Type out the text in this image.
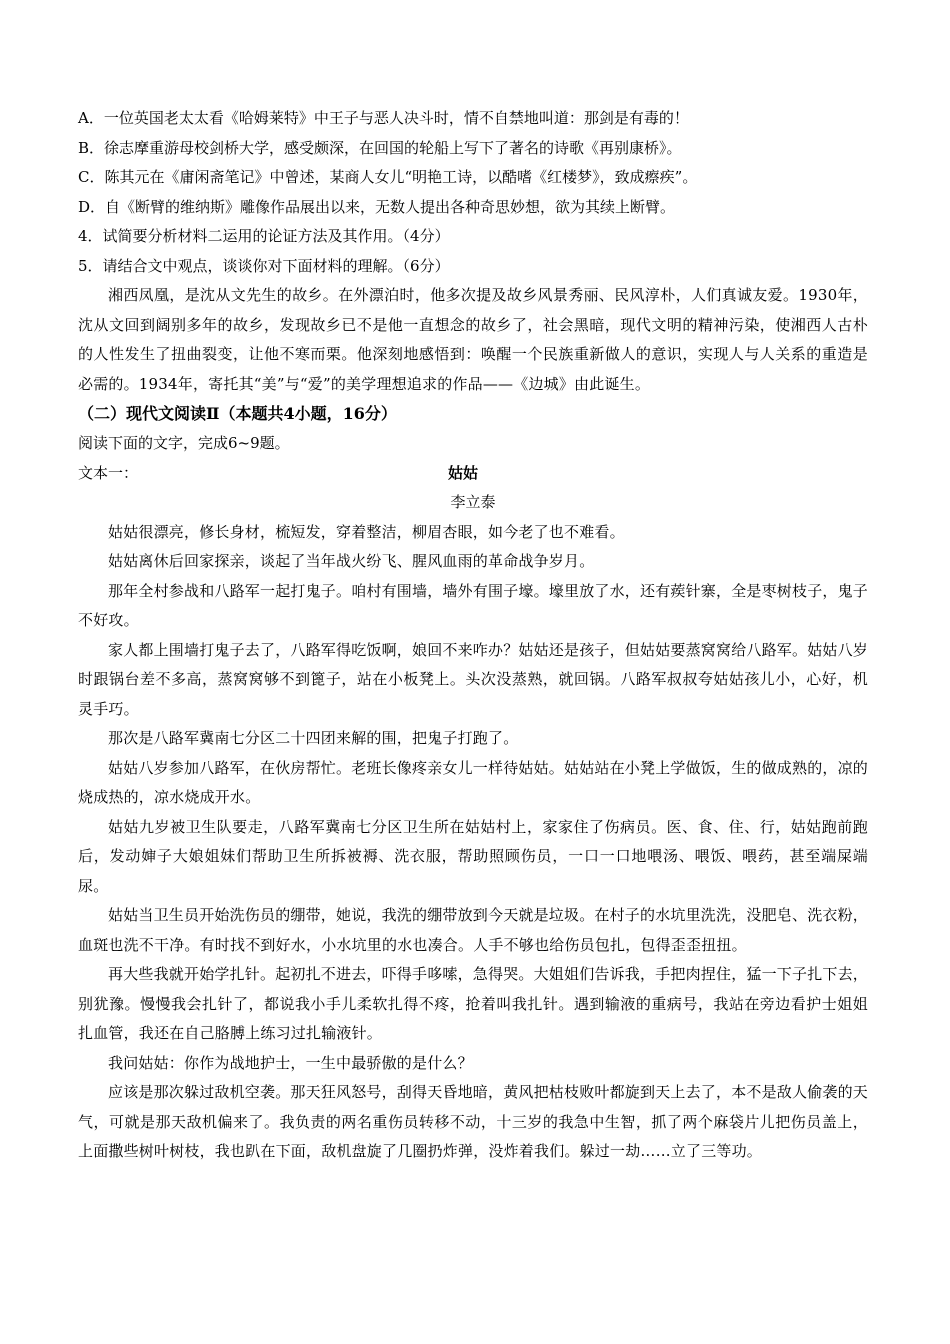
A．一位英国老太太看《哈姆莱特》中王子与恶人决斗时，情不自禁地叫道：那剑是有毒的！

B．徐志摩重游母校剑桥大学，感受颇深，在回国的轮船上写下了著名的诗歌《再别康桥》。

C．陈其元在《庸闲斋笔记》中曾述，某商人女儿“明艳工诗，以酷嗜《红楼梦》，致成瘵疾”。

D．自《断臂的维纳斯》雕像作品展出以来，无数人提出各种奇思妙想，欲为其续上断臂。

4．试简要分析材料二运用的论证方法及其作用。（4分）

5．请结合文中观点，谈谈你对下面材料的理解。（6分）

湘西凤凰，是沈从文先生的故乡。在外漂泊时，他多次提及故乡风景秀丽、民风淳朴，人们真诚友爱。1930年，沈从文回到阔别多年的故乡，发现故乡已不是他一直想念的故乡了，社会黑暗，现代文明的精神污染，使湘西人古朴的人性发生了扭曲裂变，让他不寒而栗。他深刻地感悟到：唤醒一个民族重新做人的意识，实现人与人关系的重造是必需的。1934年，寄托其“美”与“爱”的美学理想追求的作品——《边城》由此诞生。

（二）现代文阅读Ⅱ（本题共4小题，16分）

阅读下面的文字，完成6~9题。

文本一：	姑姑

李立泰

姑姑很漂亮，修长身材，梳短发，穿着整洁，柳眉杏眼，如今老了也不难看。

姑姑离休后回家探亲，谈起了当年战火纷飞、腥风血雨的革命战争岁月。

那年全村参战和八路军一起打鬼子。咱村有围墙，墙外有围子壕。壕里放了水，还有蒺针寨，全是枣树枝子，鬼子不好攻。

家人都上围墙打鬼子去了，八路军得吃饭啊，娘回不来咋办？姑姑还是孩子，但姑姑要蒸窝窝给八路军。姑姑八岁时跟锅台差不多高，蒸窝窝够不到篦子，站在小板凳上。头次没蒸熟，就回锅。八路军叔叔夸姑姑孩儿小，心好，机灵手巧。

那次是八路军冀南七分区二十四团来解的围，把鬼子打跑了。

姑姑八岁参加八路军，在伙房帮忙。老班长像疼亲女儿一样待姑姑。姑姑站在小凳上学做饭，生的做成熟的，凉的烧成热的，凉水烧成开水。

姑姑九岁被卫生队要走，八路军冀南七分区卫生所在姑姑村上，家家住了伤病员。医、食、住、行，姑姑跑前跑后，发动婶子大娘姐妹们帮助卫生所拆被褥、洗衣服，帮助照顾伤员，一口一口地喂汤、喂饭、喂药，甚至端屎端尿。

姑姑当卫生员开始洗伤员的绷带，她说，我洗的绷带放到今天就是垃圾。在村子的水坑里洗洗，没肥皂、洗衣粉，血斑也洗不干净。有时找不到好水，小水坑里的水也凑合。人手不够也给伤员包扎，包得歪歪扭扭。

再大些我就开始学扎针。起初扎不进去，吓得手哆嗦，急得哭。大姐姐们告诉我，手把肉捏住，猛一下子扎下去，别犹豫。慢慢我会扎针了，都说我小手儿柔软扎得不疼，抢着叫我扎针。遇到输液的重病号，我站在旁边看护士姐姐扎血管，我还在自己胳膊上练习过扎输液针。

我问姑姑：你作为战地护士，一生中最骄傲的是什么？

应该是那次躲过敌机空袭。那天狂风怒号，刮得天昏地暗，黄风把枯枝败叶都旋到天上去了，本不是敌人偷袭的天气，可就是那天敌机偏来了。我负责的两名重伤员转移不动，十三岁的我急中生智，抓了两个麻袋片儿把伤员盖上，上面撒些树叶树枝，我也趴在下面，敌机盘旋了几圈扔炸弹，没炸着我们。躲过一劫……立了三等功。
